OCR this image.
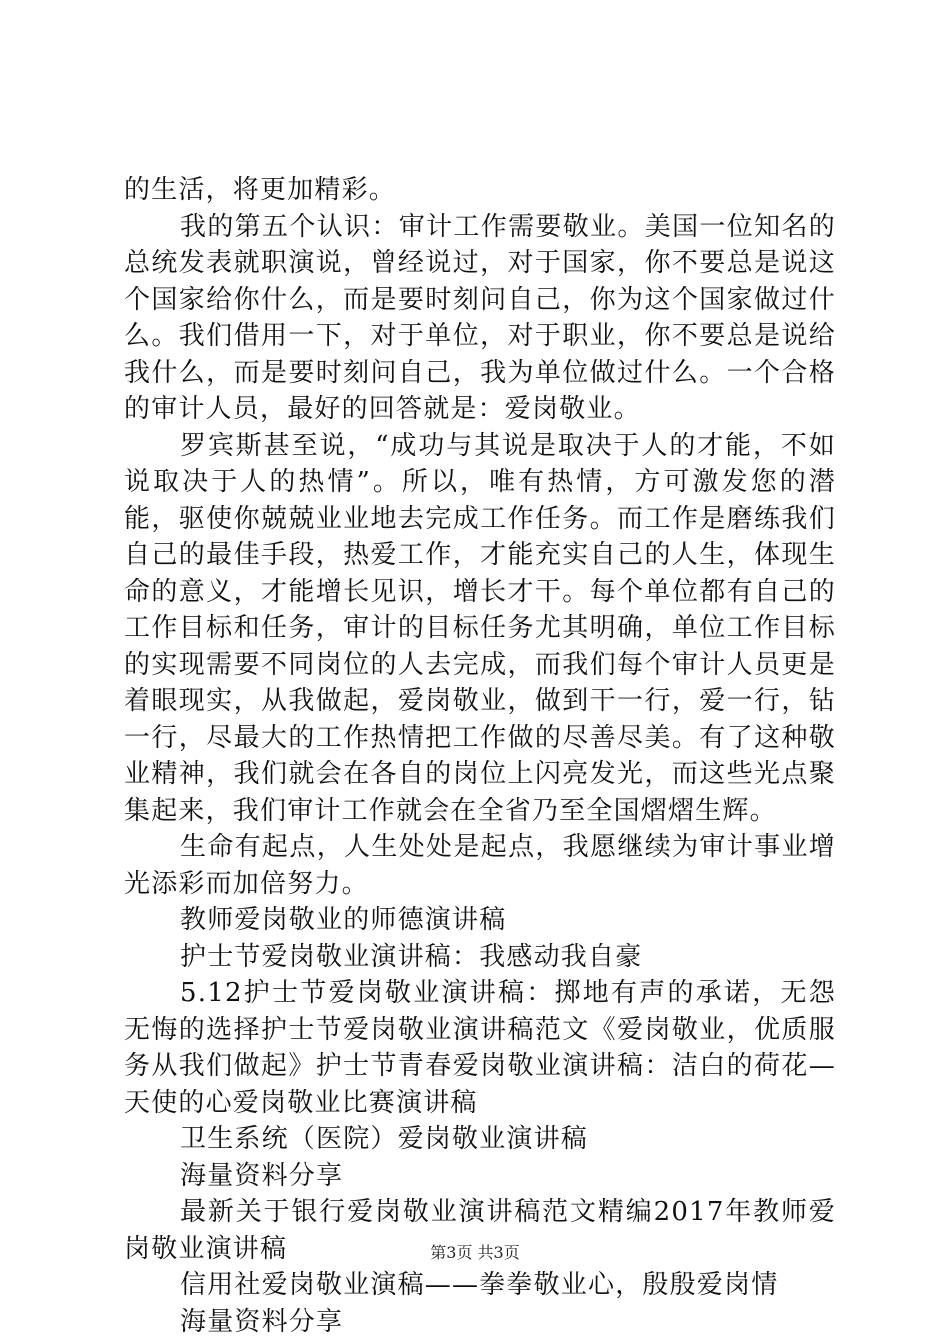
的生活，将更加精彩。

我的第五个认识：审计工作需要敬业。美国一位知名的总统发表就职演说，曾经说过，对于国家，你不要总是说这个国家给你什么，而是要时刻问自己，你为这个国家做过什么。我们借用一下，对于单位，对于职业，你不要总是说给我什么，而是要时刻问自己，我为单位做过什么。一个合格的审计人员，最好的回答就是：爱岗敬业。

罗宾斯甚至说，“成功与其说是取决于人的才能，不如说取决于人的热情”。所以，唯有热情，方可激发您的潜能，驱使你兢兢业业地去完成工作任务。而工作是磨练我们自己的最佳手段，热爱工作，才能充实自己的人生，体现生命的意义，才能增长见识，增长才干。每个单位都有自己的工作目标和任务，审计的目标任务尤其明确，单位工作目标的实现需要不同岗位的人去完成，而我们每个审计人员更是着眼现实，从我做起，爱岗敬业，做到干一行，爱一行，钻一行，尽最大的工作热情把工作做的尽善尽美。有了这种敬业精神，我们就会在各自的岗位上闪亮发光，而这些光点聚集起来，我们审计工作就会在全省乃至全国熠熠生辉。

生命有起点，人生处处是起点，我愿继续为审计事业增光添彩而加倍努力。

教师爱岗敬业的师德演讲稿

护士节爱岗敬业演讲稿：我感动我自豪

5.12护士节爱岗敬业演讲稿：掷地有声的承诺，无怨无悔的选择护士节爱岗敬业演讲稿范文《爱岗敬业，优质服务从我们做起》护士节青春爱岗敬业演讲稿：洁白的荷花—天使的心爱岗敬业比赛演讲稿

卫生系统（医院）爱岗敬业演讲稿

海量资料分享

最新关于银行爱岗敬业演讲稿范文精编2017年教师爱岗敬业演讲稿

信用社爱岗敬业演稿——拳拳敬业心，殷殷爱岗情

海量资料分享

第3页 共3页
